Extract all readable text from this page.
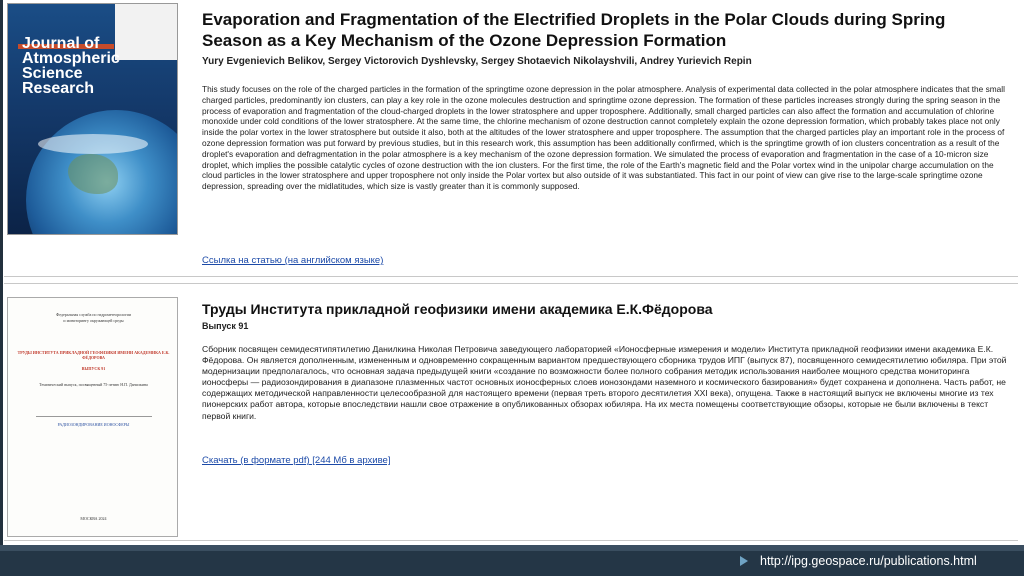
Journal of Atmospheric Science Research
Evaporation and Fragmentation of the Electrified Droplets in the Polar Clouds during Spring Season as a Key Mechanism of the Ozone Depression Formation
Yury Evgenievich Belikov, Sergey Victorovich Dyshlevsky, Sergey Shotaevich Nikolayshvili, Andrey Yurievich Repin
This study focuses on the role of the charged particles in the formation of the springtime ozone depression in the polar atmosphere. Analysis of experimental data collected in the polar atmosphere indicates that the small charged particles, predominantly ion clusters, can play a key role in the ozone molecules destruction and springtime ozone depression. The formation of these particles increases strongly during the spring season in the process of evaporation and fragmentation of the cloud-charged droplets in the lower stratosphere and upper troposphere. Additionally, small charged particles can also affect the formation and accumulation of chlorine monoxide under cold conditions of the lower stratosphere. At the same time, the chlorine mechanism of ozone destruction cannot completely explain the ozone depression formation, which probably takes place not only inside the polar vortex in the lower stratosphere but outside it also, both at the altitudes of the lower stratosphere and upper troposphere. The assumption that the charged particles play an important role in the process of ozone depression formation was put forward by previous studies, but in this research work, this assumption has been additionally confirmed, which is the springtime growth of ion clusters concentration as a result of the droplet's evaporation and defragmentation in the polar atmosphere is a key mechanism of the ozone depression formation. We simulated the process of evaporation and fragmentation in the case of a 10-micron size droplet, which implies the possible catalytic cycles of ozone destruction with the ion clusters. For the first time, the role of the Earth's magnetic field and the Polar vortex wind in the unipolar charge accumulation on the cloud particles in the lower stratosphere and upper troposphere not only inside the Polar vortex but also outside of it was substantiated. This fact in our point of view can give rise to the large-scale springtime ozone depression, spreading over the midlatitudes, which size is vastly greater than it is commonly supposed.
Ссылка на статью (на английском языке)
Федеральная служба по гидрометеорологии
и мониторингу окружающей среды
ТРУДЫ ИНСТИТУТА ПРИКЛАДНОЙ ГЕОФИЗИКИ ИМЕНИ АКАДЕМИКА Е.К. ФЁДОРОВА
ВЫПУСК 91
Тематический выпуск, посвященный 75-летию Н.П. Данилкина
РАДИОЗОНДИРОВАНИЕ ИОНОСФЕРЫ
МОСКВА 2024
Труды Института прикладной геофизики имени академика Е.К.Фёдорова
Выпуск 91
Сборник посвящен семидесятипятилетию Данилкина Николая Петровича заведующего лабораторией «Ионосферные измерения и модели» Института прикладной геофизики имени академика Е.К. Фёдорова. Он является дополненным, измененным и одновременно сокращенным вариантом предшествующего сборника трудов ИПГ (выпуск 87), посвященного семидесятилетию юбиляра. При этой модернизации предполагалось, что основная задача предыдущей книги «создание по возможности более полного собрания методик использования наиболее мощного средства мониторинга ионосферы — радиозондирования в диапазоне плазменных частот основных ионосферных слоев ионозондами наземного и космического базирования» будет сохранена и дополнена. Часть работ, не содержащих методической направленности целесообразной для настоящего времени (первая треть второго десятилетия XXI века), опущена. Также в настоящий выпуск не включены многие из тех пионерских работ автора, которые впоследствии нашли свое отражение в опубликованных обзорах юбиляра. На их места помещены соответствующие обзоры, которые не были включены в текст первой книги.
Скачать (в формате pdf) [244 Мб в архиве]
http://ipg.geospace.ru/publications.html
